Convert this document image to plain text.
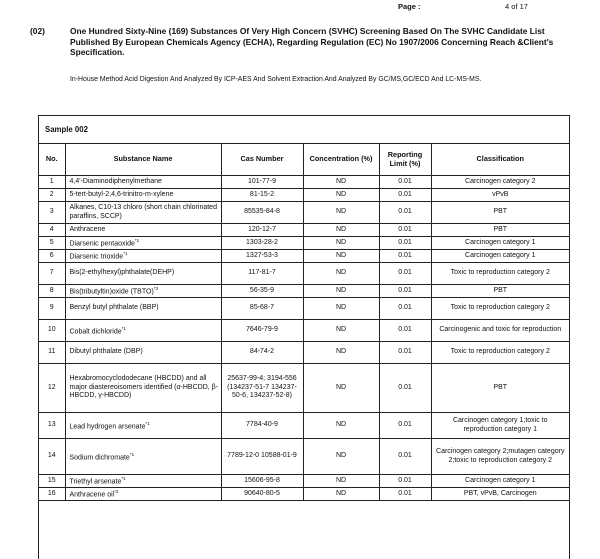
Page :	4 of 17
(02)	One Hundred Sixty-Nine (169) Substances Of Very High Concern (SVHC) Screening Based On The SVHC Candidate List Published By European Chemicals Agency (ECHA), Regarding Regulation (EC) No 1907/2006 Concerning Reach &Client's Specification.
In-House Method Acid Digestion And Analyzed By ICP-AES And Solvent Extraction And Analyzed By GC/MS,GC/ECD And LC-MS-MS.
Sample 002
No.	Substance Name	Cas Number	Concentration (%)	Reporting Limit (%)	Classification
1	4,4'-Diaminodiphenylmethane	101-77-9	ND	0.01	Carcinogen category 2
2	5-tert-butyl-2,4,6-trinitro-m-xylene	81-15-2	ND	0.01	vPvB
3	Alkanes, C10-13 chloro (short chain chlorinated paraffins, SCCP)	85535-84-8	ND	0.01	PBT
4	Anthracene	120-12-7	ND	0.01	PBT
5	Diarsenic pentaoxide$^{*1}$	1303-28-2	ND	0.01	Carcinogen category 1
6	Diarsenic trioxide$^{*1}$	1327-53-3	ND	0.01	Carcinogen category 1
7	Bis(2-ethylhexyl)phthalate(DEHP)	117-81-7	ND	0.01	Toxic to reproduction category 2
8	Bis(tributyltin)oxide (TBTO)$^{*3}$	56-35-9	ND	0.01	PBT
9	Benzyl butyl phthalate (BBP)	85-68-7	ND	0.01	Toxic to reproduction category 2
10	Cobalt dichloride$^{*1}$	7646-79-9	ND	0.01	Carcinogenic and toxic for reproduction
11	Dibutyl phthalate (DBP)	84-74-2	ND	0.01	Toxic to reproduction category 2
12	Hexabromocyclododecane (HBCDD) and all major diastereoisomers identified (α-HBCDD, β- HBCDD, γ-HBCDD)	25637-99-4; 3194-556 (134237-51-7 134237-50-6, 134237-52-8)	ND	0.01	PBT
13	Lead hydrogen arsenate$^{*1}$	7784-40-9	ND	0.01	Carcinogen category 1;toxic to reproduction category 1
14	Sodium dichromate$^{*1}$	7789-12-0 10588-01-9	ND	0.01	Carcinogen category 2;mutagen category 2;toxic to reproduction category 2
15	Triethyl arsenate$^{*1}$	15606-95-8	ND	0.01	Carcinogen category 1
16	Anthracene oil$^{*2}$	90640-80-5	ND	0.01	PBT, vPvB, Carcinogen
